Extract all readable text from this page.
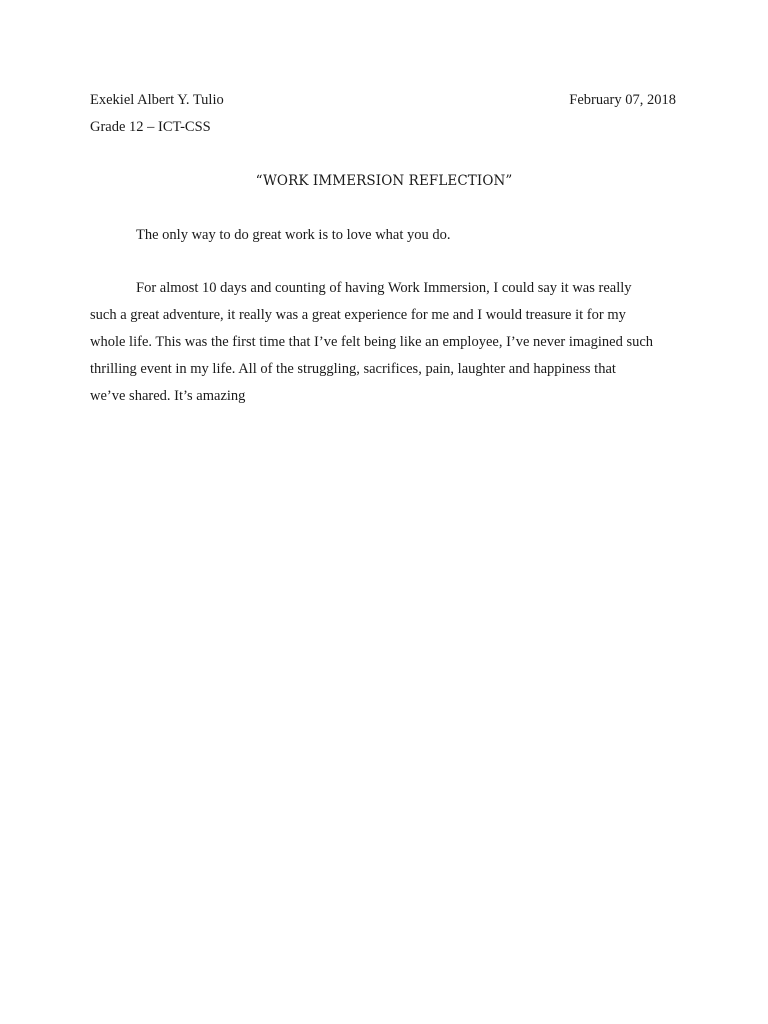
Exekiel Albert Y. Tulio	February 07, 2018
Grade 12 – ICT-CSS
“WORK IMMERSION REFLECTION”
The only way to do great work is to love what you do.
For almost 10 days and counting of having Work Immersion, I could say it was really
such a great adventure, it really was a great experience for me and I would treasure it for my
whole life. This was the first time that I’ve felt being like an employee, I’ve never imagined such
thrilling event in my life. All of the struggling, sacrifices, pain, laughter and happiness that
we’ve shared. It’s amazing
